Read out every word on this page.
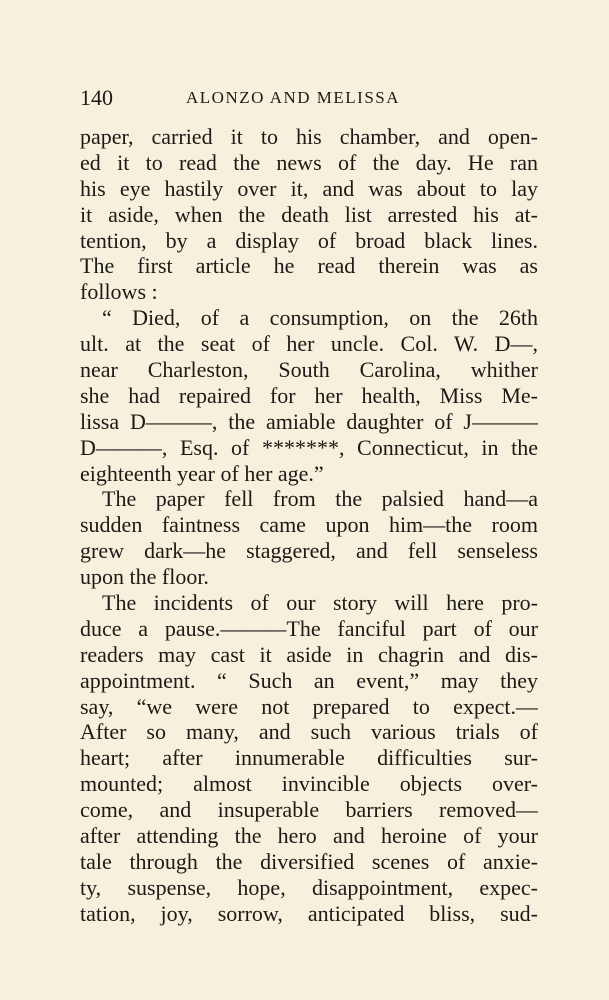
140	ALONZO AND MELISSA
paper, carried it to his chamber, and open-
ed it to read the news of the day. He ran
his eye hastily over it, and was about to lay
it aside, when the death list arrested his at-
tention, by a display of broad black lines.
The first article he read therein was as
follows :
“ Died, of a consumption, on the 26th
ult. at the seat of her uncle. Col. W. D—,
near Charleston, South Carolina, whither
she had repaired for her health, Miss Me-
lissa D———, the amiable daughter of J———
D———, Esq. of *******, Connecticut, in the
eighteenth year of her age.”
The paper fell from the palsied hand—a
sudden faintness came upon him—the room
grew dark—he staggered, and fell senseless
upon the floor.
The incidents of our story will here pro-
duce a pause.———The fanciful part of our
readers may cast it aside in chagrin and dis-
appointment. “ Such an event,” may they
say, “we were not prepared to expect.—
After so many, and such various trials of
heart; after innumerable difficulties sur-
mounted; almost invincible objects over-
come, and insuperable barriers removed—
after attending the hero and heroine of your
tale through the diversified scenes of anxie-
ty, suspense, hope, disappointment, expec-
tation, joy, sorrow, anticipated bliss, sud-
